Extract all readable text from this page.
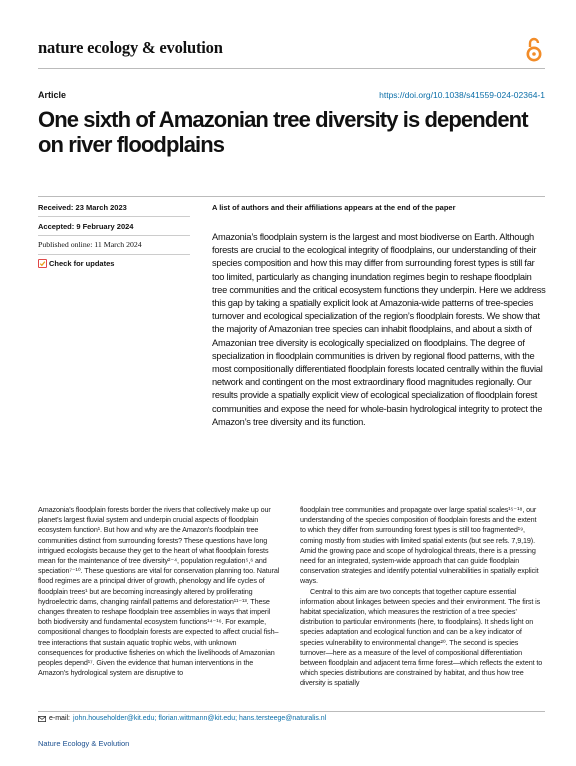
nature ecology & evolution
Article	https://doi.org/10.1038/s41559-024-02364-1
One sixth of Amazonian tree diversity is dependent on river floodplains
Received: 23 March 2023
Accepted: 9 February 2024
Published online: 11 March 2024
Check for updates
A list of authors and their affiliations appears at the end of the paper

Amazonia’s floodplain system is the largest and most biodiverse on Earth. Although forests are crucial to the ecological integrity of floodplains, our understanding of their species composition and how this may differ from surrounding forest types is still far too limited, particularly as changing inundation regimes begin to reshape floodplain tree communities and the critical ecosystem functions they underpin. Here we address this gap by taking a spatially explicit look at Amazonia-wide patterns of tree-species turnover and ecological specialization of the region’s floodplain forests. We show that the majority of Amazonian tree species can inhabit floodplains, and about a sixth of Amazonian tree diversity is ecologically specialized on floodplains. The degree of specialization in floodplain communities is driven by regional flood patterns, with the most compositionally differentiated floodplain forests located centrally within the fluvial network and contingent on the most extraordinary flood magnitudes regionally. Our results provide a spatially explicit view of ecological specialization of floodplain forest communities and expose the need for whole-basin hydrological integrity to protect the Amazon’s tree diversity and its function.

Amazonia’s floodplain forests border the rivers that collectively make up our planet’s largest fluvial system and underpin crucial aspects of floodplain ecosystem function¹. But how and why are the Amazon’s floodplain tree communities distinct from surrounding forests? These questions have long intrigued ecologists because they get to the heart of what floodplain forests mean for the maintenance of tree diversity²⁻⁴, population regulation⁵,⁶ and speciation⁷⁻¹⁰. These questions are vital for conservation planning too. Natural flood regimes are a principal driver of growth, phenology and life cycles of floodplain trees¹ but are becoming increasingly altered by proliferating hydroelectric dams, changing rainfall patterns and deforestation¹¹⁻¹³. These changes threaten to reshape floodplain tree assemblies in ways that imperil both biodiversity and fundamental ecosystem functions¹⁴⁻¹⁶. For example, compositional changes to floodplain forests are expected to affect crucial fish–tree interactions that sustain aquatic trophic webs, with unknown consequences for productive fisheries on which the livelihoods of Amazonian peoples depend¹⁷. Given the evidence that human interventions in the Amazon’s hydrological system are disruptive to

floodplain tree communities and propagate over large spatial scales¹⁵⁻¹⁸, our understanding of the species composition of floodplain forests and the extent to which they differ from surrounding forest types is still too fragmented¹⁹, coming mostly from studies with limited spatial extents (but see refs. 7,9,19). Amid the growing pace and scope of hydrological threats, there is a pressing need for an integrated, system-wide approach that can guide floodplain conservation strategies and identify potential vulnerabilities in spatially explicit ways.

Central to this aim are two concepts that together capture essential information about linkages between species and their environment. The first is habitat specialization, which measures the restriction of a tree species’ distribution to particular environments (here, to floodplains). It sheds light on species adaptation and ecological function and can be a key indicator of species vulnerability to environmental change²⁰. The second is species turnover—here as a measure of the level of compositional differentiation between floodplain and adjacent terra firme forest—which reflects the extent to which species distributions are constrained by habitat, and thus how tree diversity is spatially

e-mail: john.householder@kit.edu; florian.wittmann@kit.edu; hans.tersteege@naturalis.nl
Nature Ecology & Evolution
